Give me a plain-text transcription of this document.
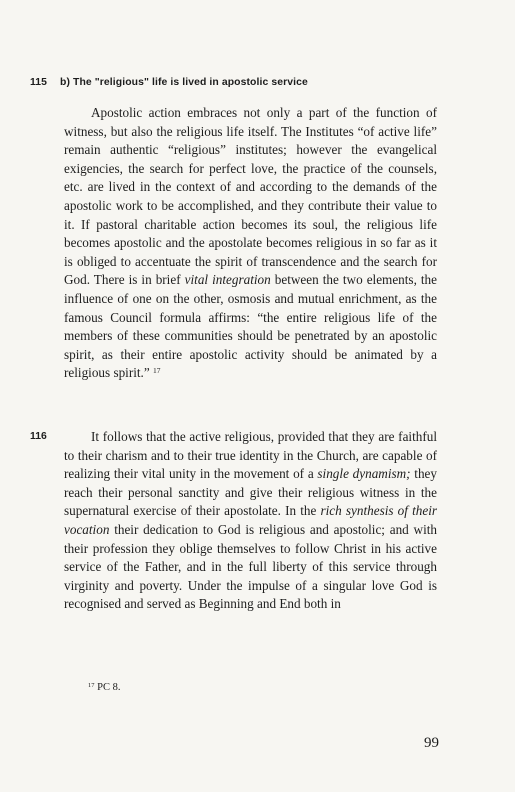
115 b) The "religious" life is lived in apostolic service
Apostolic action embraces not only a part of the function of witness, but also the religious life itself. The Institutes “of active life” remain authentic “religious” institutes; however the evangelical exigencies, the search for perfect love, the practice of the counsels, etc. are lived in the context of and according to the demands of the apostolic work to be accomplished, and they contribute their value to it. If pastoral charitable action becomes its soul, the religious life becomes apostolic and the apostolate becomes religious in so far as it is obliged to accentuate the spirit of transcendence and the search for God. There is in brief vital integration between the two elements, the influence of one on the other, osmosis and mutual enrichment, as the famous Council formula affirms: “the entire religious life of the members of these communities should be penetrated by an apostolic spirit, as their entire apostolic activity should be animated by a religious spirit.” $^{17}$
116	It follows that the active religious, provided that they are faithful to their charism and to their true identity in the Church, are capable of realizing their vital unity in the movement of a single dynamism; they reach their personal sanctity and give their religious witness in the supernatural exercise of their apostolate. In the rich synthesis of their vocation their dedication to God is religious and apostolic; and with their profession they oblige themselves to follow Christ in his active service of the Father, and in the full liberty of this service through virginity and poverty. Under the impulse of a singular love God is recognised and served as Beginning and End both in
$^{17}$ PC 8.
99
